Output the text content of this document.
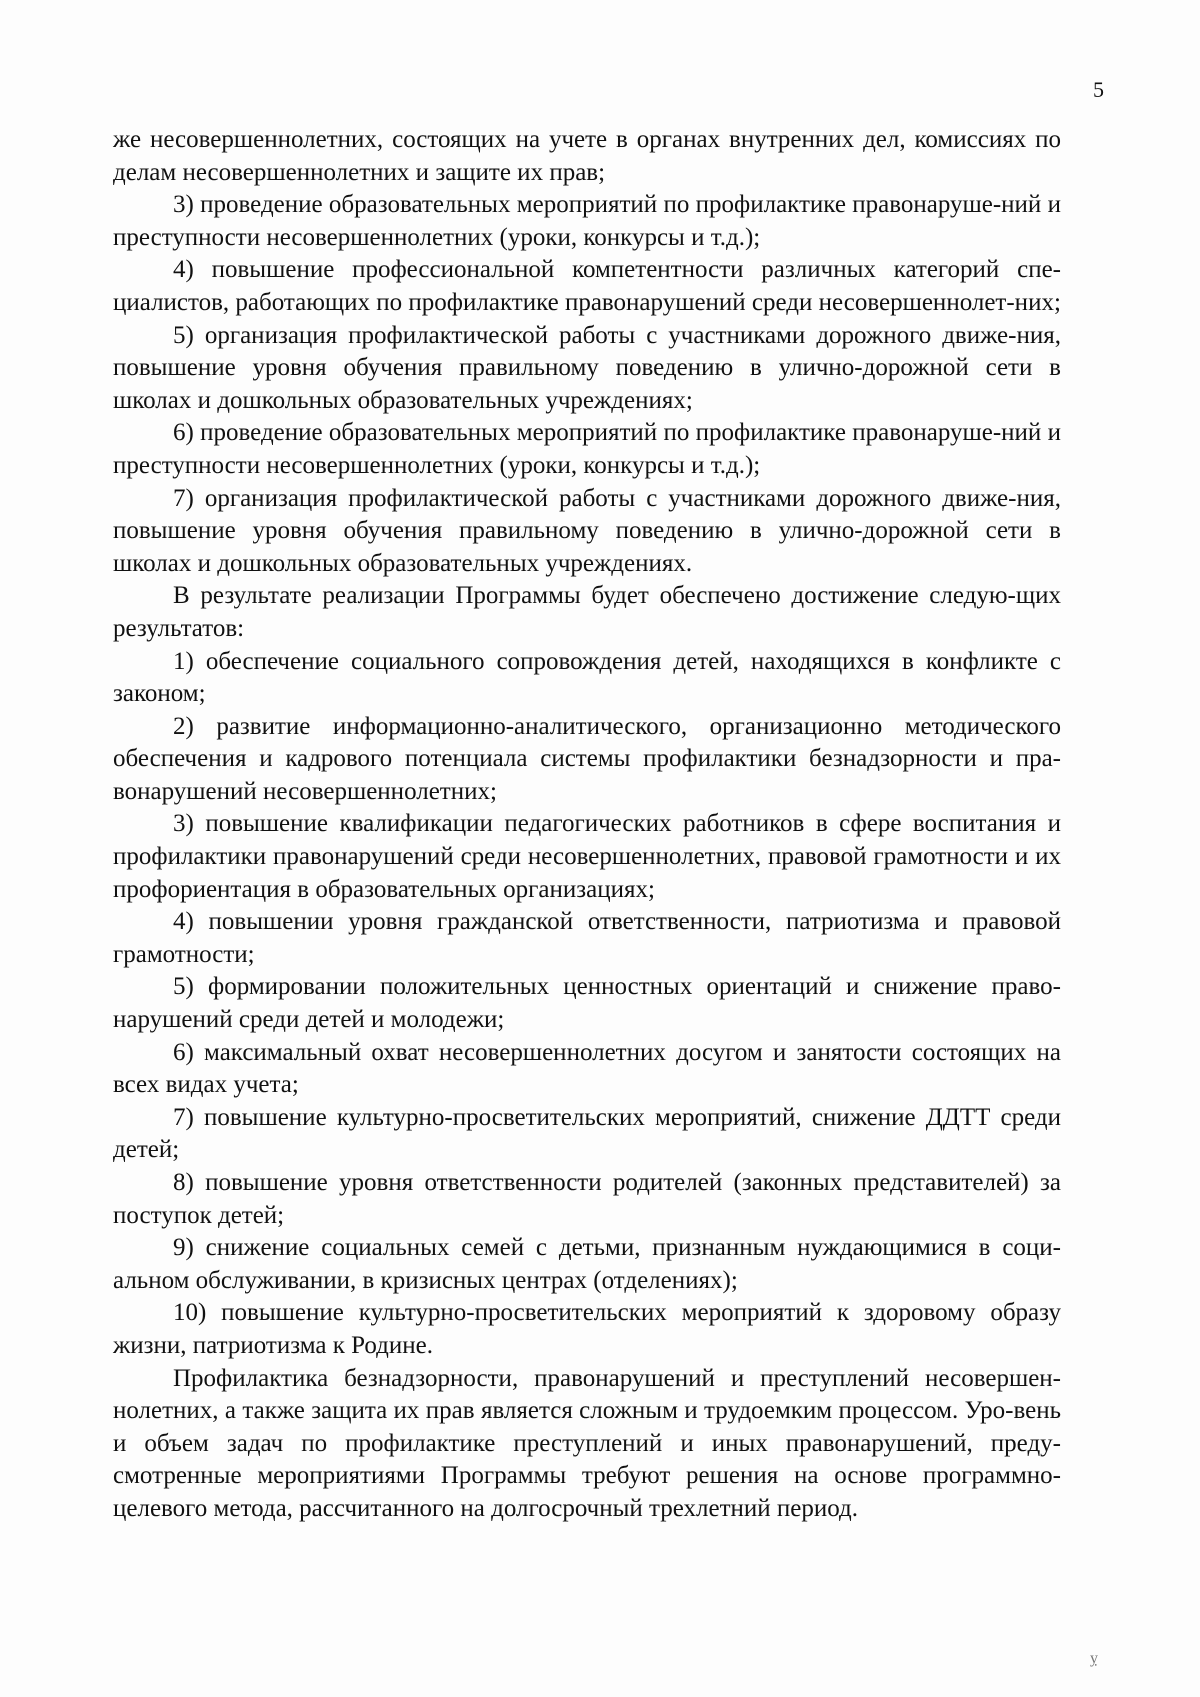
5

же несовершеннолетних, состоящих на учете в органах внутренних дел, комиссиях по делам несовершеннолетних и защите их прав;

3) проведение образовательных мероприятий по профилактике правонаруше-ний и преступности несовершеннолетних (уроки, конкурсы и т.д.);

4) повышение профессиональной компетентности различных категорий спе-циалистов, работающих по профилактике правонарушений среди несовершеннолет-них;

5) организация профилактической работы с участниками дорожного движе-ния, повышение уровня обучения правильному поведению в улично-дорожной сети в школах и дошкольных образовательных учреждениях;

6) проведение образовательных мероприятий по профилактике правонаруше-ний и преступности несовершеннолетних (уроки, конкурсы и т.д.);

7) организация профилактической работы с участниками дорожного движе-ния, повышение уровня обучения правильному поведению в улично-дорожной сети в школах и дошкольных образовательных учреждениях.

В результате реализации Программы будет обеспечено достижение следую-щих результатов:

1) обеспечение социального сопровождения детей, находящихся в конфликте с законом;

2) развитие информационно-аналитического, организационно методического обеспечения и кадрового потенциала системы профилактики безнадзорности и пра-вонарушений несовершеннолетних;

3) повышение квалификации педагогических работников в сфере воспитания и профилактики правонарушений среди несовершеннолетних, правовой грамотности и их профориентация в образовательных организациях;

4) повышении уровня гражданской ответственности, патриотизма и правовой грамотности;

5) формировании положительных ценностных ориентаций и снижение право-нарушений среди детей и молодежи;

6) максимальный охват несовершеннолетних досугом и занятости состоящих на всех видах учета;

7) повышение культурно-просветительских мероприятий, снижение ДДТТ среди детей;

8) повышение уровня ответственности родителей (законных представителей) за поступок детей;

9) снижение социальных семей с детьми, признанным нуждающимися в соци-альном обслуживании, в кризисных центрах (отделениях);

10) повышение культурно-просветительских мероприятий к здоровому образу жизни, патриотизма к Родине.

Профилактика безнадзорности, правонарушений и преступлений несовершен-нолетних, а также защита их прав является сложным и трудоемким процессом. Уро-вень и объем задач по профилактике преступлений и иных правонарушений, преду-смотренные мероприятиями Программы требуют решения на основе программно-целевого метода, рассчитанного на долгосрочный трехлетний период.

ỵ
